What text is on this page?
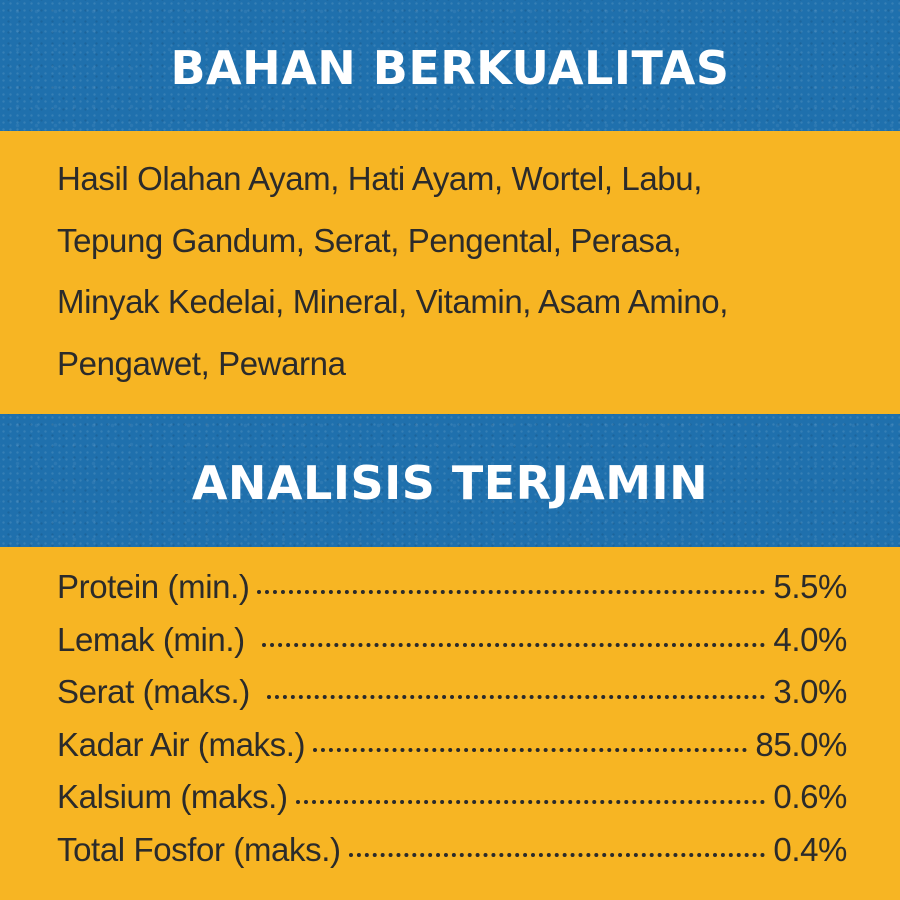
BAHAN BERKUALITAS

Hasil Olahan Ayam, Hati Ayam, Wortel, Labu,
Tepung Gandum, Serat, Pengental, Perasa,
Minyak Kedelai, Mineral, Vitamin, Asam Amino,
Pengawet, Pewarna

ANALISIS TERJAMIN
Protein (min.)	5.5%
Lemak (min.)	4.0%
Serat (maks.)	3.0%
Kadar Air (maks.)	85.0%
Kalsium (maks.)	0.6%
Total Fosfor (maks.)	0.4%
